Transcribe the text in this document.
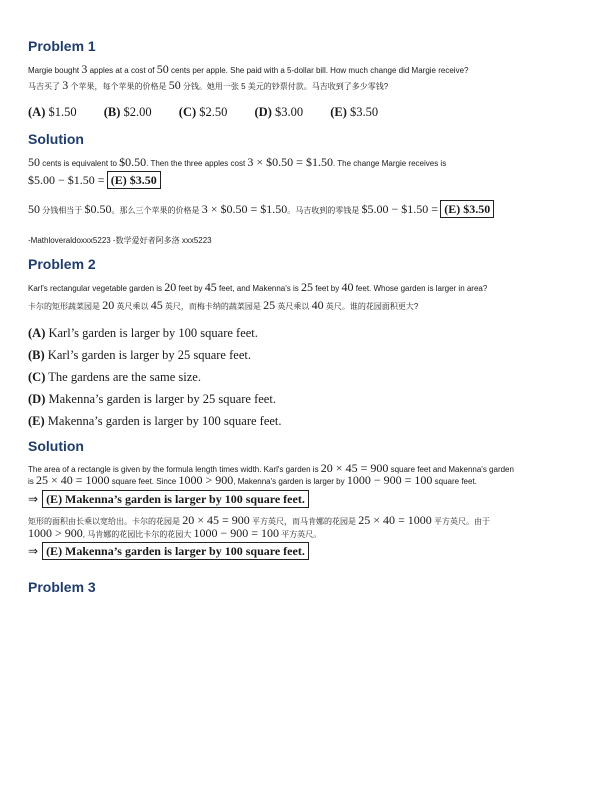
Problem 1
Margie bought 3 apples at a cost of 50 cents per apple. She paid with a 5-dollar bill. How much change did Margie receive?
马吉买了 3 个苹果，每个苹果的价格是 50 分钱。她用一张 5 美元的钞票付款。马吉收到了多少零钱?
(A) $1.50 (B) $2.00 (C) $2.50 (D) $3.00 (E) $3.50
Solution
50 cents is equivalent to $0.50. Then the three apples cost 3 × $0.50 = $1.50. The change Margie receives is
$5.00 − $1.50 = (E) $3.50
50 分钱相当于 $0.50。那么三个苹果的价格是 3 × $0.50 = $1.50。马吉收到的零钱是 $5.00 − $1.50 = (E) $3.50
-Mathloveraldoxxx5223 -数学爱好者阿多洛 xxx5223
Problem 2
Karl's rectangular vegetable garden is 20 feet by 45 feet, and Makenna's is 25 feet by 40 feet. Whose garden is larger in area?
卡尔的矩形蔬菜园是 20 英尺乘以 45 英尺，而梅卡纳的蔬菜园是 25 英尺乘以 40 英尺。谁的花园面积更大?
(A) Karl’s garden is larger by 100 square feet.
(B) Karl’s garden is larger by 25 square feet.
(C) The gardens are the same size.
(D) Makenna’s garden is larger by 25 square feet.
(E) Makenna’s garden is larger by 100 square feet.
Solution
The area of a rectangle is given by the formula length times width. Karl's garden is 20 × 45 = 900 square feet and Makenna's garden
is 25 × 40 = 1000 square feet. Since 1000 > 900, Makenna's garden is larger by 1000 − 900 = 100 square feet.
⇒ (E) Makenna’s garden is larger by 100 square feet.
矩形的面积由长乘以宽给出。卡尔的花园是 20 × 45 = 900 平方英尺，而马肯娜的花园是 25 × 40 = 1000 平方英尺。由于
1000 > 900, 马肯娜的花园比卡尔的花园大 1000 − 900 = 100 平方英尺。
⇒ (E) Makenna’s garden is larger by 100 square feet.
Problem 3
